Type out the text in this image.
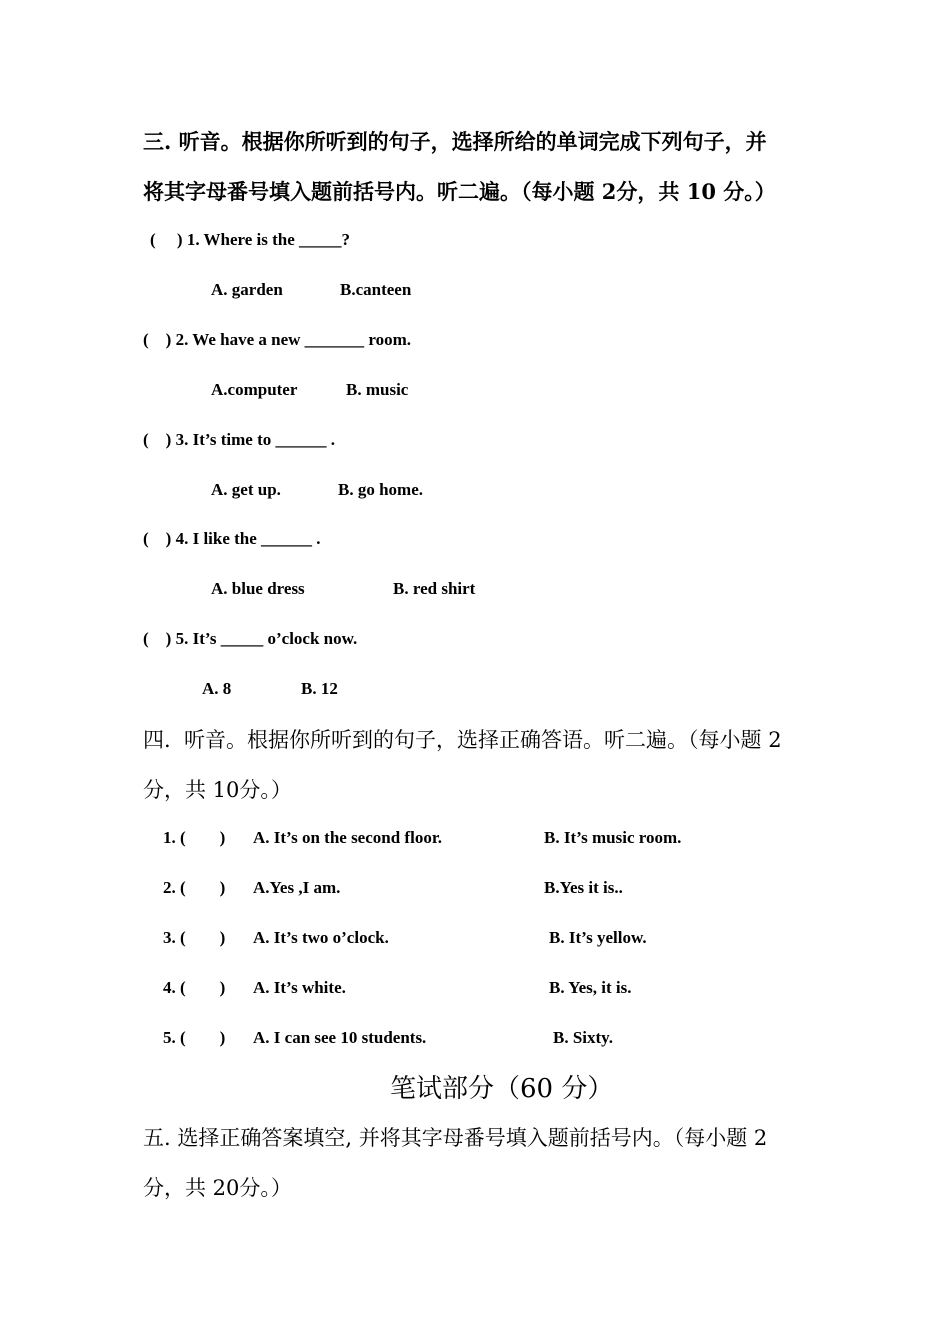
三. 听音。根据你所听到的句子，选择所给的单词完成下列句子，并
将其字母番号填入题前括号内。听二遍。（每小题 2分，共 10 分。）
(     ) 1. Where is the _____?
A. garden	B.canteen
(    ) 2. We have a new _______ room.
A.computer	B. music
(    ) 3. It’s time to ______ .
A. get up.	B. go home.
(    ) 4. I like the ______ .
A. blue dress	B. red shirt
(    ) 5. It’s _____ o’clock now.
A. 8	B. 12
四.  听音。根据你所听到的句子，选择正确答语。听二遍。（每小题 2
分，共 10分。）
1. (        ) A. It’s on the second floor.	B. It’s music room.
2. (        ) A.Yes ,I am.	B.Yes it is..
3. (        ) A. It’s two o’clock.	B. It’s yellow.
4. (        ) A. It’s white.	B. Yes, it is.
5. (        ) A. I can see 10 students.	B. Sixty.
笔试部分（60 分）
五. 选择正确答案填空, 并将其字母番号填入题前括号内。（每小题 2
分，共 20分。）
